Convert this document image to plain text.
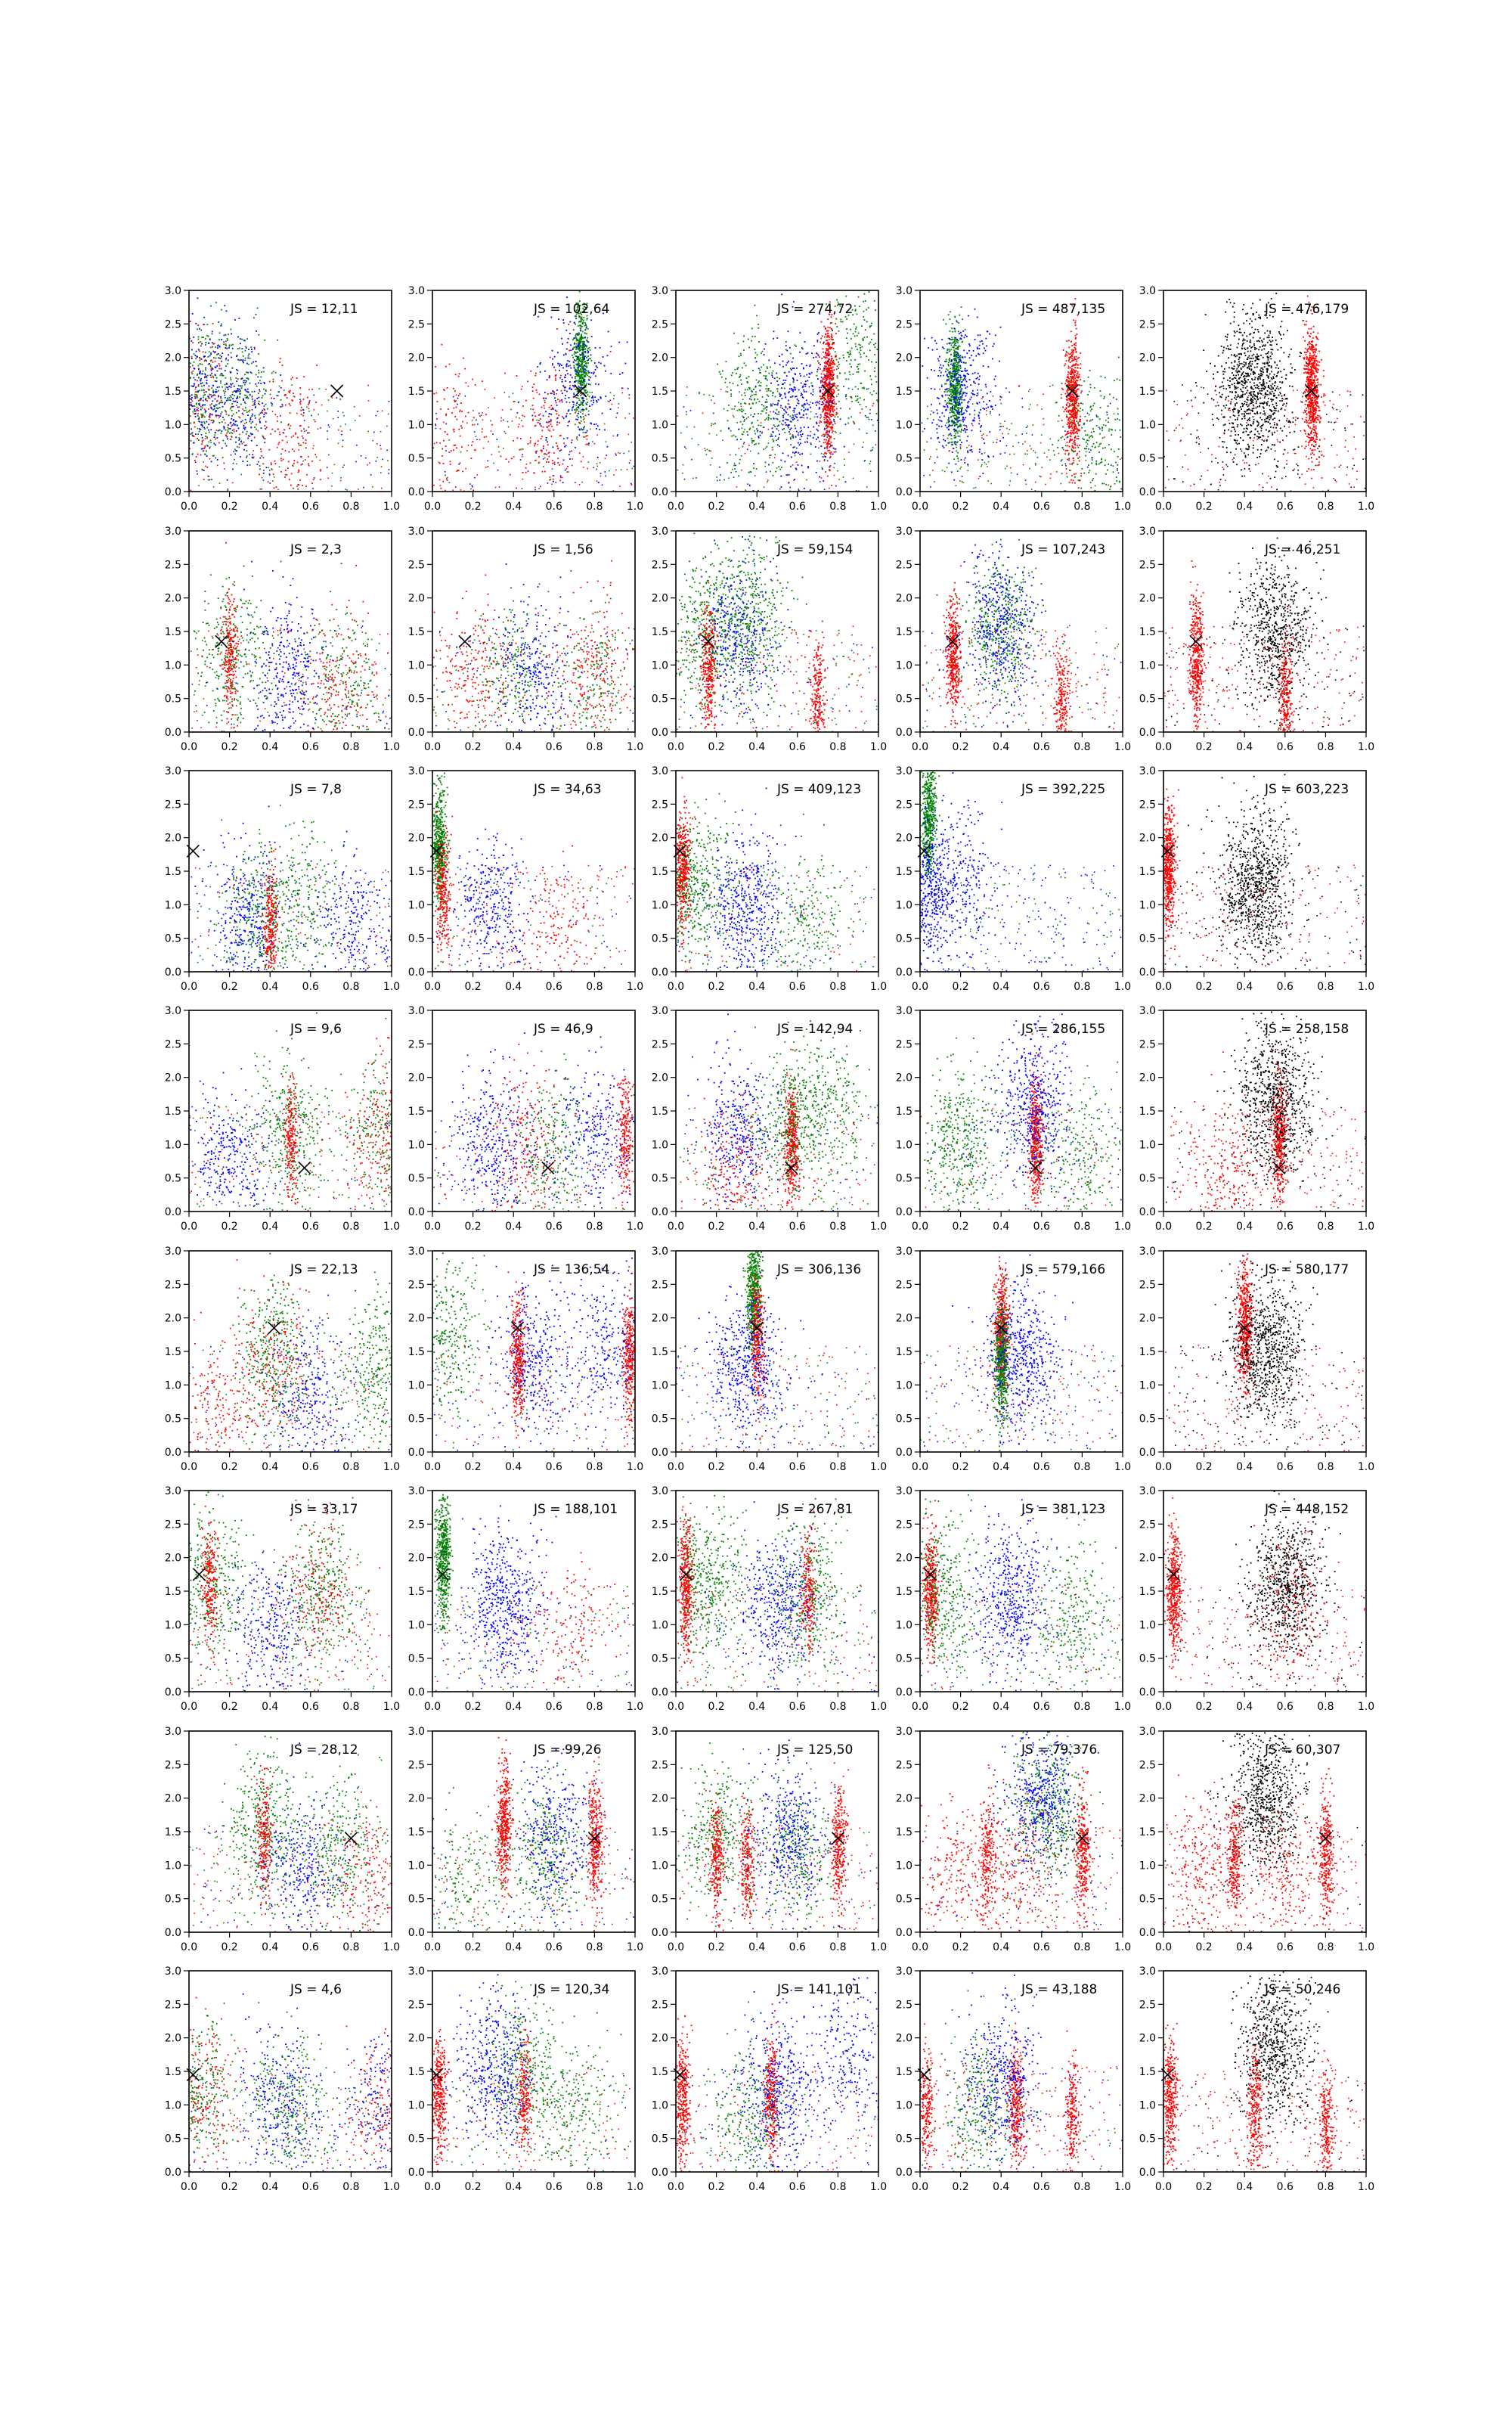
0.0 0.2 0.4 0.6 0.8 1.0
0.0
0.5
1.0
1.5
2.0
2.5
3.0
JS = 12,11
0.0 0.2 0.4 0.6 0.8 1.0
0.0
0.5
1.0
1.5
2.0
2.5
3.0
JS = 102,64
0.0 0.2 0.4 0.6 0.8 1.0
0.0
0.5
1.0
1.5
2.0
2.5
3.0
JS = 274,72
0.0 0.2 0.4 0.6 0.8 1.0
0.0
0.5
1.0
1.5
2.0
2.5
3.0
JS = 487,135
0.0 0.2 0.4 0.6 0.8 1.0
0.0
0.5
1.0
1.5
2.0
2.5
3.0
JS = 476,179
0.0 0.2 0.4 0.6 0.8 1.0
0.0
0.5
1.0
1.5
2.0
2.5
3.0
JS = 2,3
0.0 0.2 0.4 0.6 0.8 1.0
0.0
0.5
1.0
1.5
2.0
2.5
3.0
JS = 1,56
0.0 0.2 0.4 0.6 0.8 1.0
0.0
0.5
1.0
1.5
2.0
2.5
3.0
JS = 59,154
0.0 0.2 0.4 0.6 0.8 1.0
0.0
0.5
1.0
1.5
2.0
2.5
3.0
JS = 107,243
0.0 0.2 0.4 0.6 0.8 1.0
0.0
0.5
1.0
1.5
2.0
2.5
3.0
JS = 46,251
0.0 0.2 0.4 0.6 0.8 1.0
0.0
0.5
1.0
1.5
2.0
2.5
3.0
JS = 7,8
0.0 0.2 0.4 0.6 0.8 1.0
0.0
0.5
1.0
1.5
2.0
2.5
3.0
JS = 34,63
0.0 0.2 0.4 0.6 0.8 1.0
0.0
0.5
1.0
1.5
2.0
2.5
3.0
JS = 409,123
0.0 0.2 0.4 0.6 0.8 1.0
0.0
0.5
1.0
1.5
2.0
2.5
3.0
JS = 392,225
0.0 0.2 0.4 0.6 0.8 1.0
0.0
0.5
1.0
1.5
2.0
2.5
3.0
JS = 603,223
0.0 0.2 0.4 0.6 0.8 1.0
0.0
0.5
1.0
1.5
2.0
2.5
3.0
JS = 9,6
0.0 0.2 0.4 0.6 0.8 1.0
0.0
0.5
1.0
1.5
2.0
2.5
3.0
JS = 46,9
0.0 0.2 0.4 0.6 0.8 1.0
0.0
0.5
1.0
1.5
2.0
2.5
3.0
JS = 142,94
0.0 0.2 0.4 0.6 0.8 1.0
0.0
0.5
1.0
1.5
2.0
2.5
3.0
JS = 286,155
0.0 0.2 0.4 0.6 0.8 1.0
0.0
0.5
1.0
1.5
2.0
2.5
3.0
JS = 258,158
0.0 0.2 0.4 0.6 0.8 1.0
0.0
0.5
1.0
1.5
2.0
2.5
3.0
JS = 22,13
0.0 0.2 0.4 0.6 0.8 1.0
0.0
0.5
1.0
1.5
2.0
2.5
3.0
JS = 136,54
0.0 0.2 0.4 0.6 0.8 1.0
0.0
0.5
1.0
1.5
2.0
2.5
3.0
JS = 306,136
0.0 0.2 0.4 0.6 0.8 1.0
0.0
0.5
1.0
1.5
2.0
2.5
3.0
JS = 579,166
0.0 0.2 0.4 0.6 0.8 1.0
0.0
0.5
1.0
1.5
2.0
2.5
3.0
JS = 580,177
0.0 0.2 0.4 0.6 0.8 1.0
0.0
0.5
1.0
1.5
2.0
2.5
3.0
JS = 33,17
0.0 0.2 0.4 0.6 0.8 1.0
0.0
0.5
1.0
1.5
2.0
2.5
3.0
JS = 188,101
0.0 0.2 0.4 0.6 0.8 1.0
0.0
0.5
1.0
1.5
2.0
2.5
3.0
JS = 267,81
0.0 0.2 0.4 0.6 0.8 1.0
0.0
0.5
1.0
1.5
2.0
2.5
3.0
JS = 381,123
0.0 0.2 0.4 0.6 0.8 1.0
0.0
0.5
1.0
1.5
2.0
2.5
3.0
JS = 448,152
0.0 0.2 0.4 0.6 0.8 1.0
0.0
0.5
1.0
1.5
2.0
2.5
3.0
JS = 28,12
0.0 0.2 0.4 0.6 0.8 1.0
0.0
0.5
1.0
1.5
2.0
2.5
3.0
JS = 99,26
0.0 0.2 0.4 0.6 0.8 1.0
0.0
0.5
1.0
1.5
2.0
2.5
3.0
JS = 125,50
0.0 0.2 0.4 0.6 0.8 1.0
0.0
0.5
1.0
1.5
2.0
2.5
3.0
JS = 79,376
0.0 0.2 0.4 0.6 0.8 1.0
0.0
0.5
1.0
1.5
2.0
2.5
3.0
JS = 60,307
0.0 0.2 0.4 0.6 0.8 1.0
0.0
0.5
1.0
1.5
2.0
2.5
3.0
JS = 4,6
0.0 0.2 0.4 0.6 0.8 1.0
0.0
0.5
1.0
1.5
2.0
2.5
3.0
JS = 120,34
0.0 0.2 0.4 0.6 0.8 1.0
0.0
0.5
1.0
1.5
2.0
2.5
3.0
JS = 141,101
0.0 0.2 0.4 0.6 0.8 1.0
0.0
0.5
1.0
1.5
2.0
2.5
3.0
JS = 43,188
0.0 0.2 0.4 0.6 0.8 1.0
0.0
0.5
1.0
1.5
2.0
2.5
3.0
JS = 50,246
